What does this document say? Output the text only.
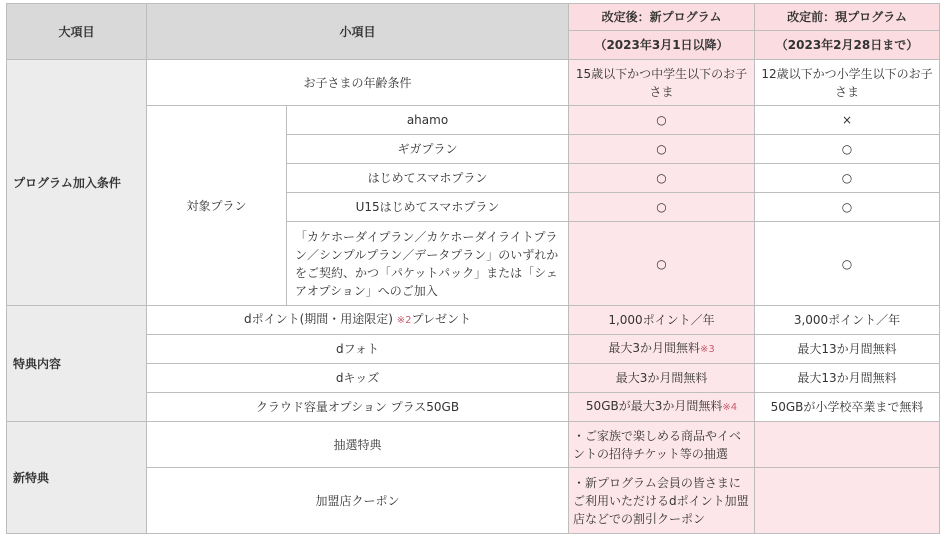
大項目	小項目		改定後：新プログラム	改定前：現プログラム
			（2023年3月1日以降）	（2023年2月28日まで）
プログラム加入条件	お子さまの年齢条件		15歳以下かつ中学生以下のお子さま	12歳以下かつ小学生以下のお子さま
	対象プラン	ahamo	○	×
		ギガプラン	○	○
		はじめてスマホプラン	○	○
		U15はじめてスマホプラン	○	○
		「カケホーダイプラン／カケホーダイライトプラン／シンプルプラン／データプラン」のいずれかをご契約、かつ「パケットパック」または「シェアオプション」へのご加入	○	○
特典内容	dポイント(期間・用途限定) ※2プレゼント		1,000ポイント／年	3,000ポイント／年
	dフォト		最大3か月間無料※3	最大13か月間無料
	dキッズ		最大3か月間無料	最大13か月間無料
	クラウド容量オプション プラス50GB		50GBが最大3か月間無料※4	50GBが小学校卒業まで無料
新特典	抽選特典		・ご家族で楽しめる商品やイベントの招待チケット等の抽選	
	加盟店クーポン		・新プログラム会員の皆さまにご利用いただけるdポイント加盟店などでの割引クーポン	
